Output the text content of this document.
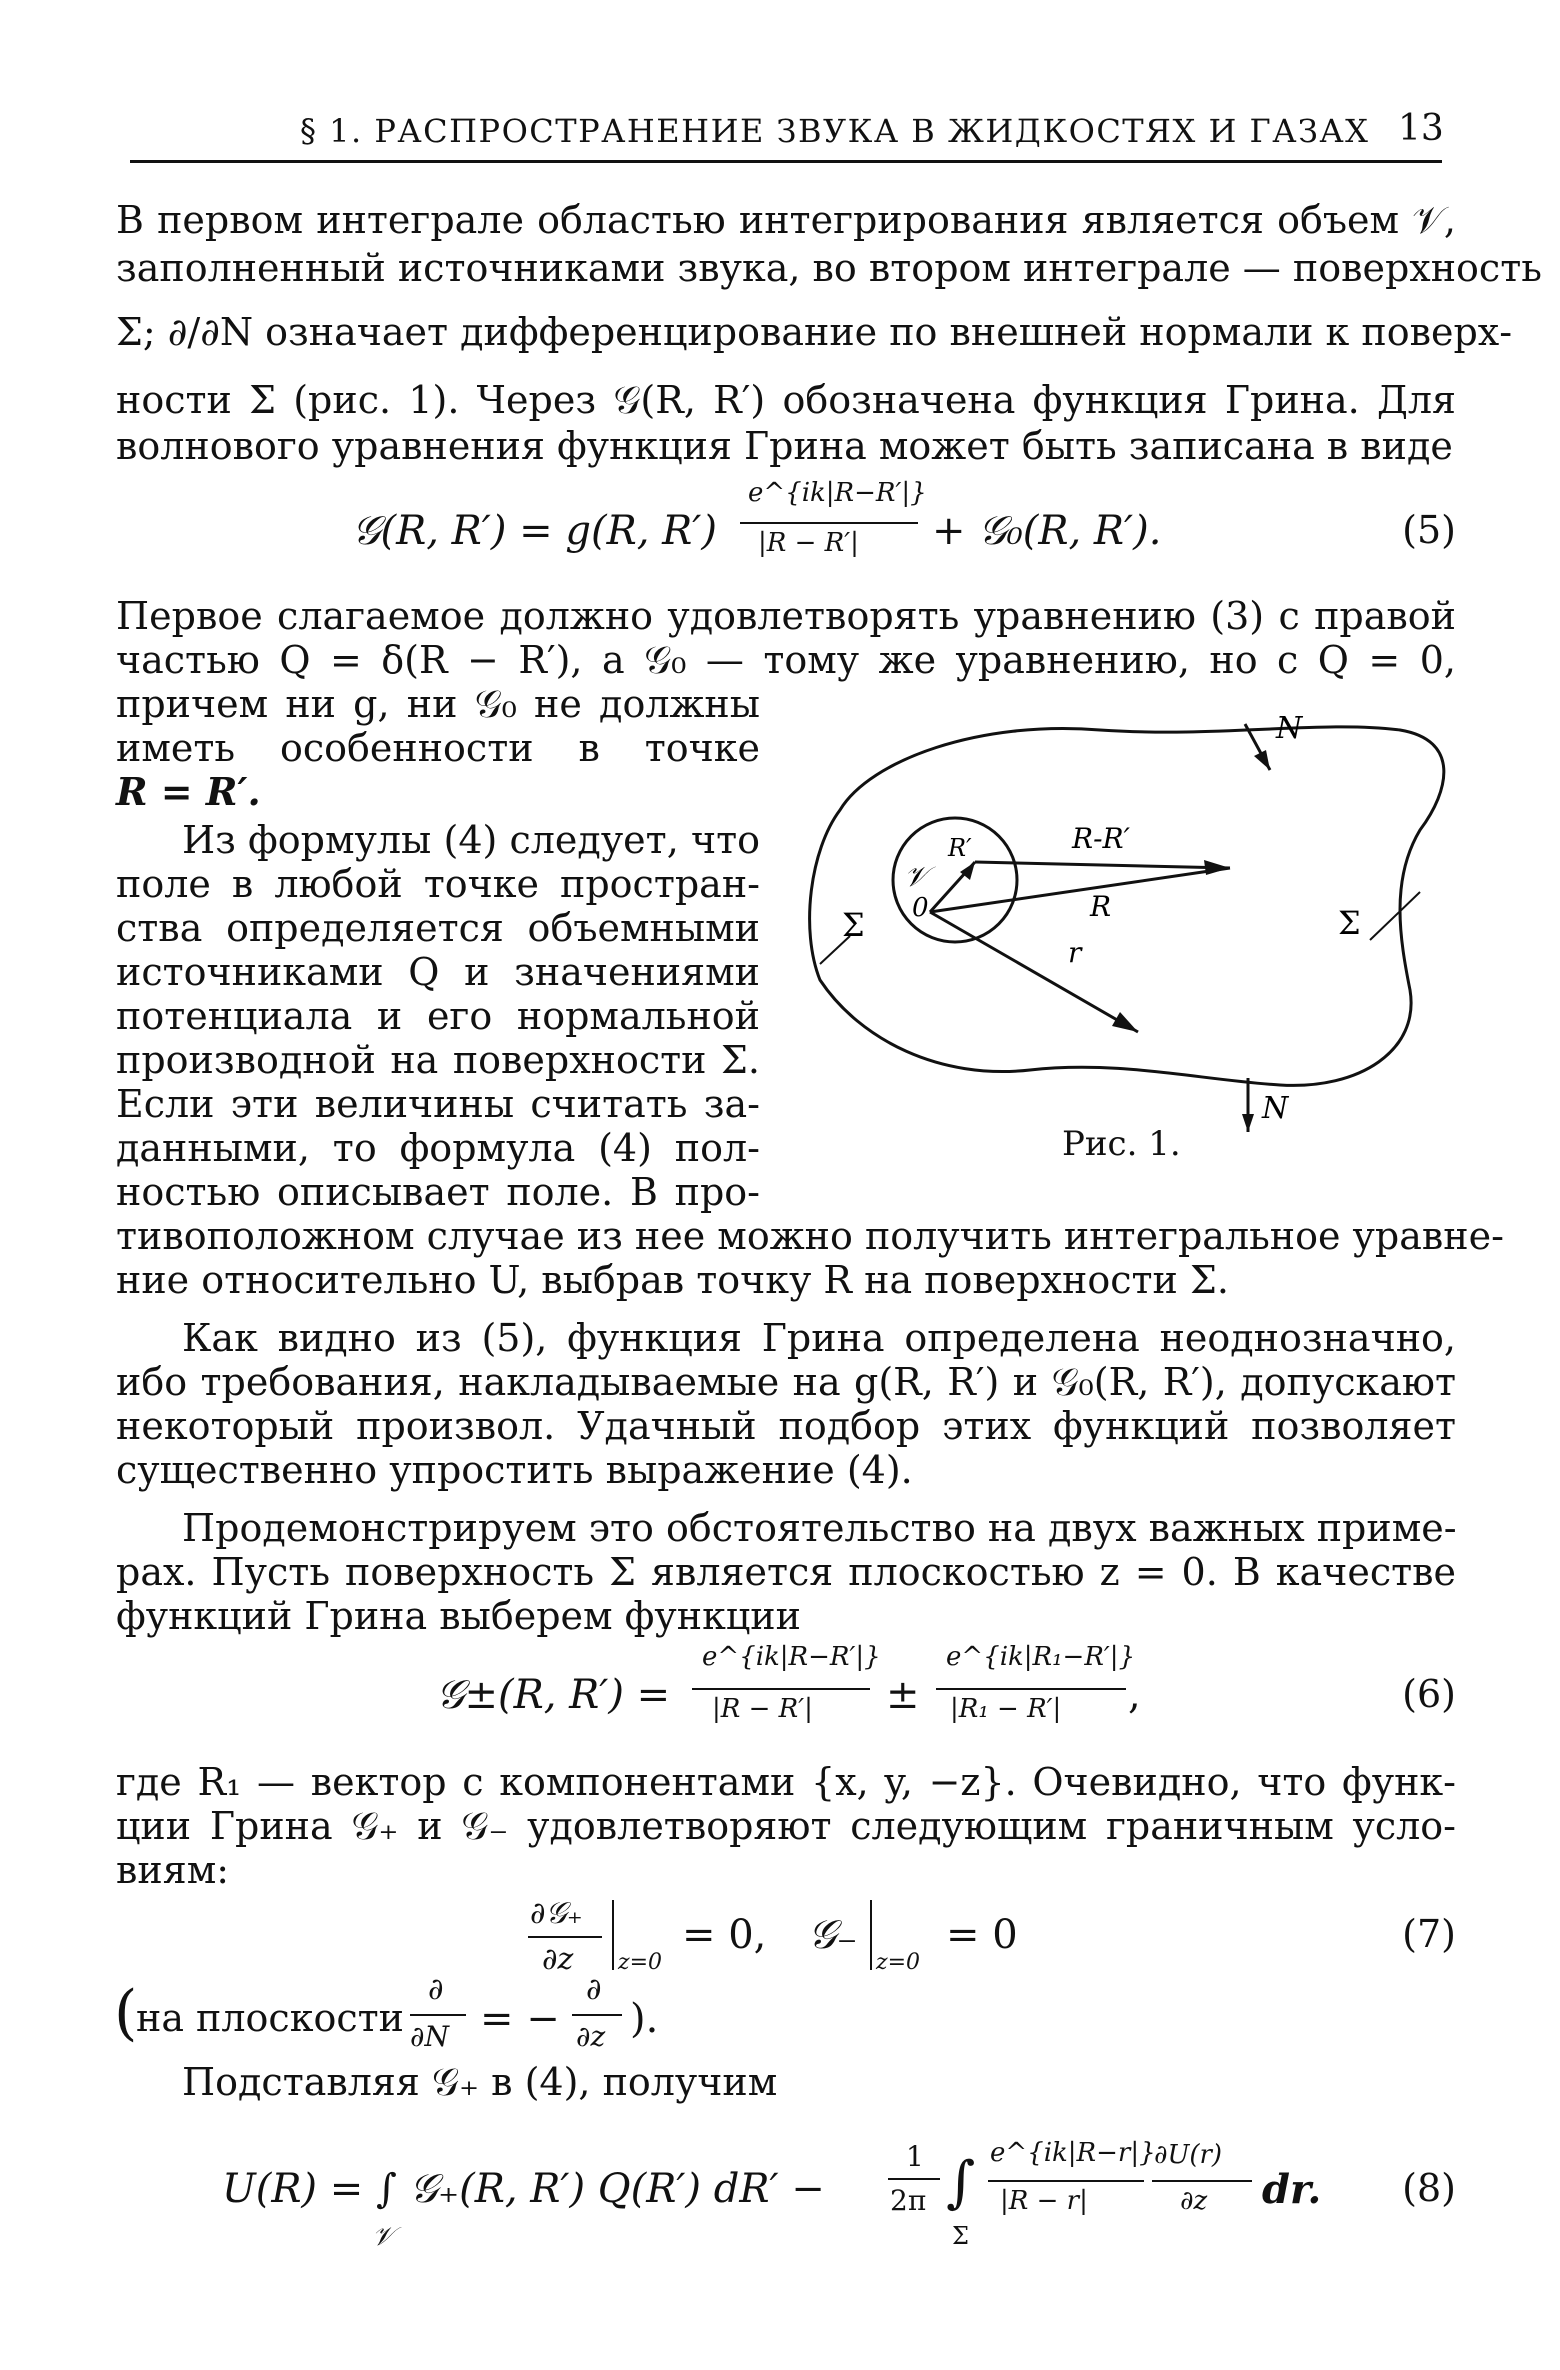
§ 1. РАСПРОСТРАНЕНИЕ ЗВУКА В ЖИДКОСТЯХ И ГАЗАХ 13
В первом интеграле областью интегрирования является объем 𝒱,
заполненный источниками звука, во втором интеграле — поверхность
Σ; ∂/∂N означает дифференцирование по внешней нормали к поверх-
ности Σ (рис. 1). Через 𝒢(R, R′) обозначена функция Грина. Для
волнового уравнения функция Грина может быть записана в виде
𝒢(R, R′) = g(R, R′)
e^{ik|R−R′|}
|R − R′| + 𝒢₀(R, R′).	(5)
Первое слагаемое должно удовлетворять уравнению (3) с правой
частью Q = δ(R − R′), а 𝒢₀ — тому же уравнению, но с Q = 0,
причем ни g, ни 𝒢₀ не должны
иметь особенности в точке
R = R′.
Из формулы (4) следует, что
поле в любой точке простран-
ства определяется объемными
источниками Q и значениями
потенциала и его нормальной
производной на поверхности Σ.
Если эти величины считать за-
данными, то формула (4) пол-
ностью описывает поле. В про-
тивоположном случае из нее можно получить интегральное уравне-
ние относительно U, выбрав точку R на поверхности Σ.
N
N
Σ	Σ
R-R′
R
r
𝒱
0
R′
Рис. 1.
Как видно из (5), функция Грина определена неоднозначно,
ибо требования, накладываемые на g(R, R′) и 𝒢₀(R, R′), допускают
некоторый произвол. Удачный подбор этих функций позволяет
существенно упростить выражение (4).
Продемонстрируем это обстоятельство на двух важных приме-
рах. Пусть поверхность Σ является плоскостью z = 0. В качестве
функций Грина выберем функции
𝒢±(R, R′) =
e^{ik|R−R′|}
|R − R′| ±
e^{ik|R₁−R′|}
|R₁ − R′| ,	(6)
где R₁ — вектор с компонентами {x, y, −z}. Очевидно, что функ-
ции Грина 𝒢₊ и 𝒢₋ удовлетворяют следующим граничным усло-
виям:
∂𝒢₊
∂z z=0
= 0, 𝒢₋
z=0
= 0	(7)
(
на плоскости
∂
∂N = −
∂
∂z ).
Подставляя 𝒢₊ в (4), получим
U(R) = ∫ 𝒢₊(R, R′) Q(R′) dR′ −
𝒱
1
2π ∫
Σ
e^{ik|R−r|}
|R − r|
∂U(r)
∂z dr. (8)
